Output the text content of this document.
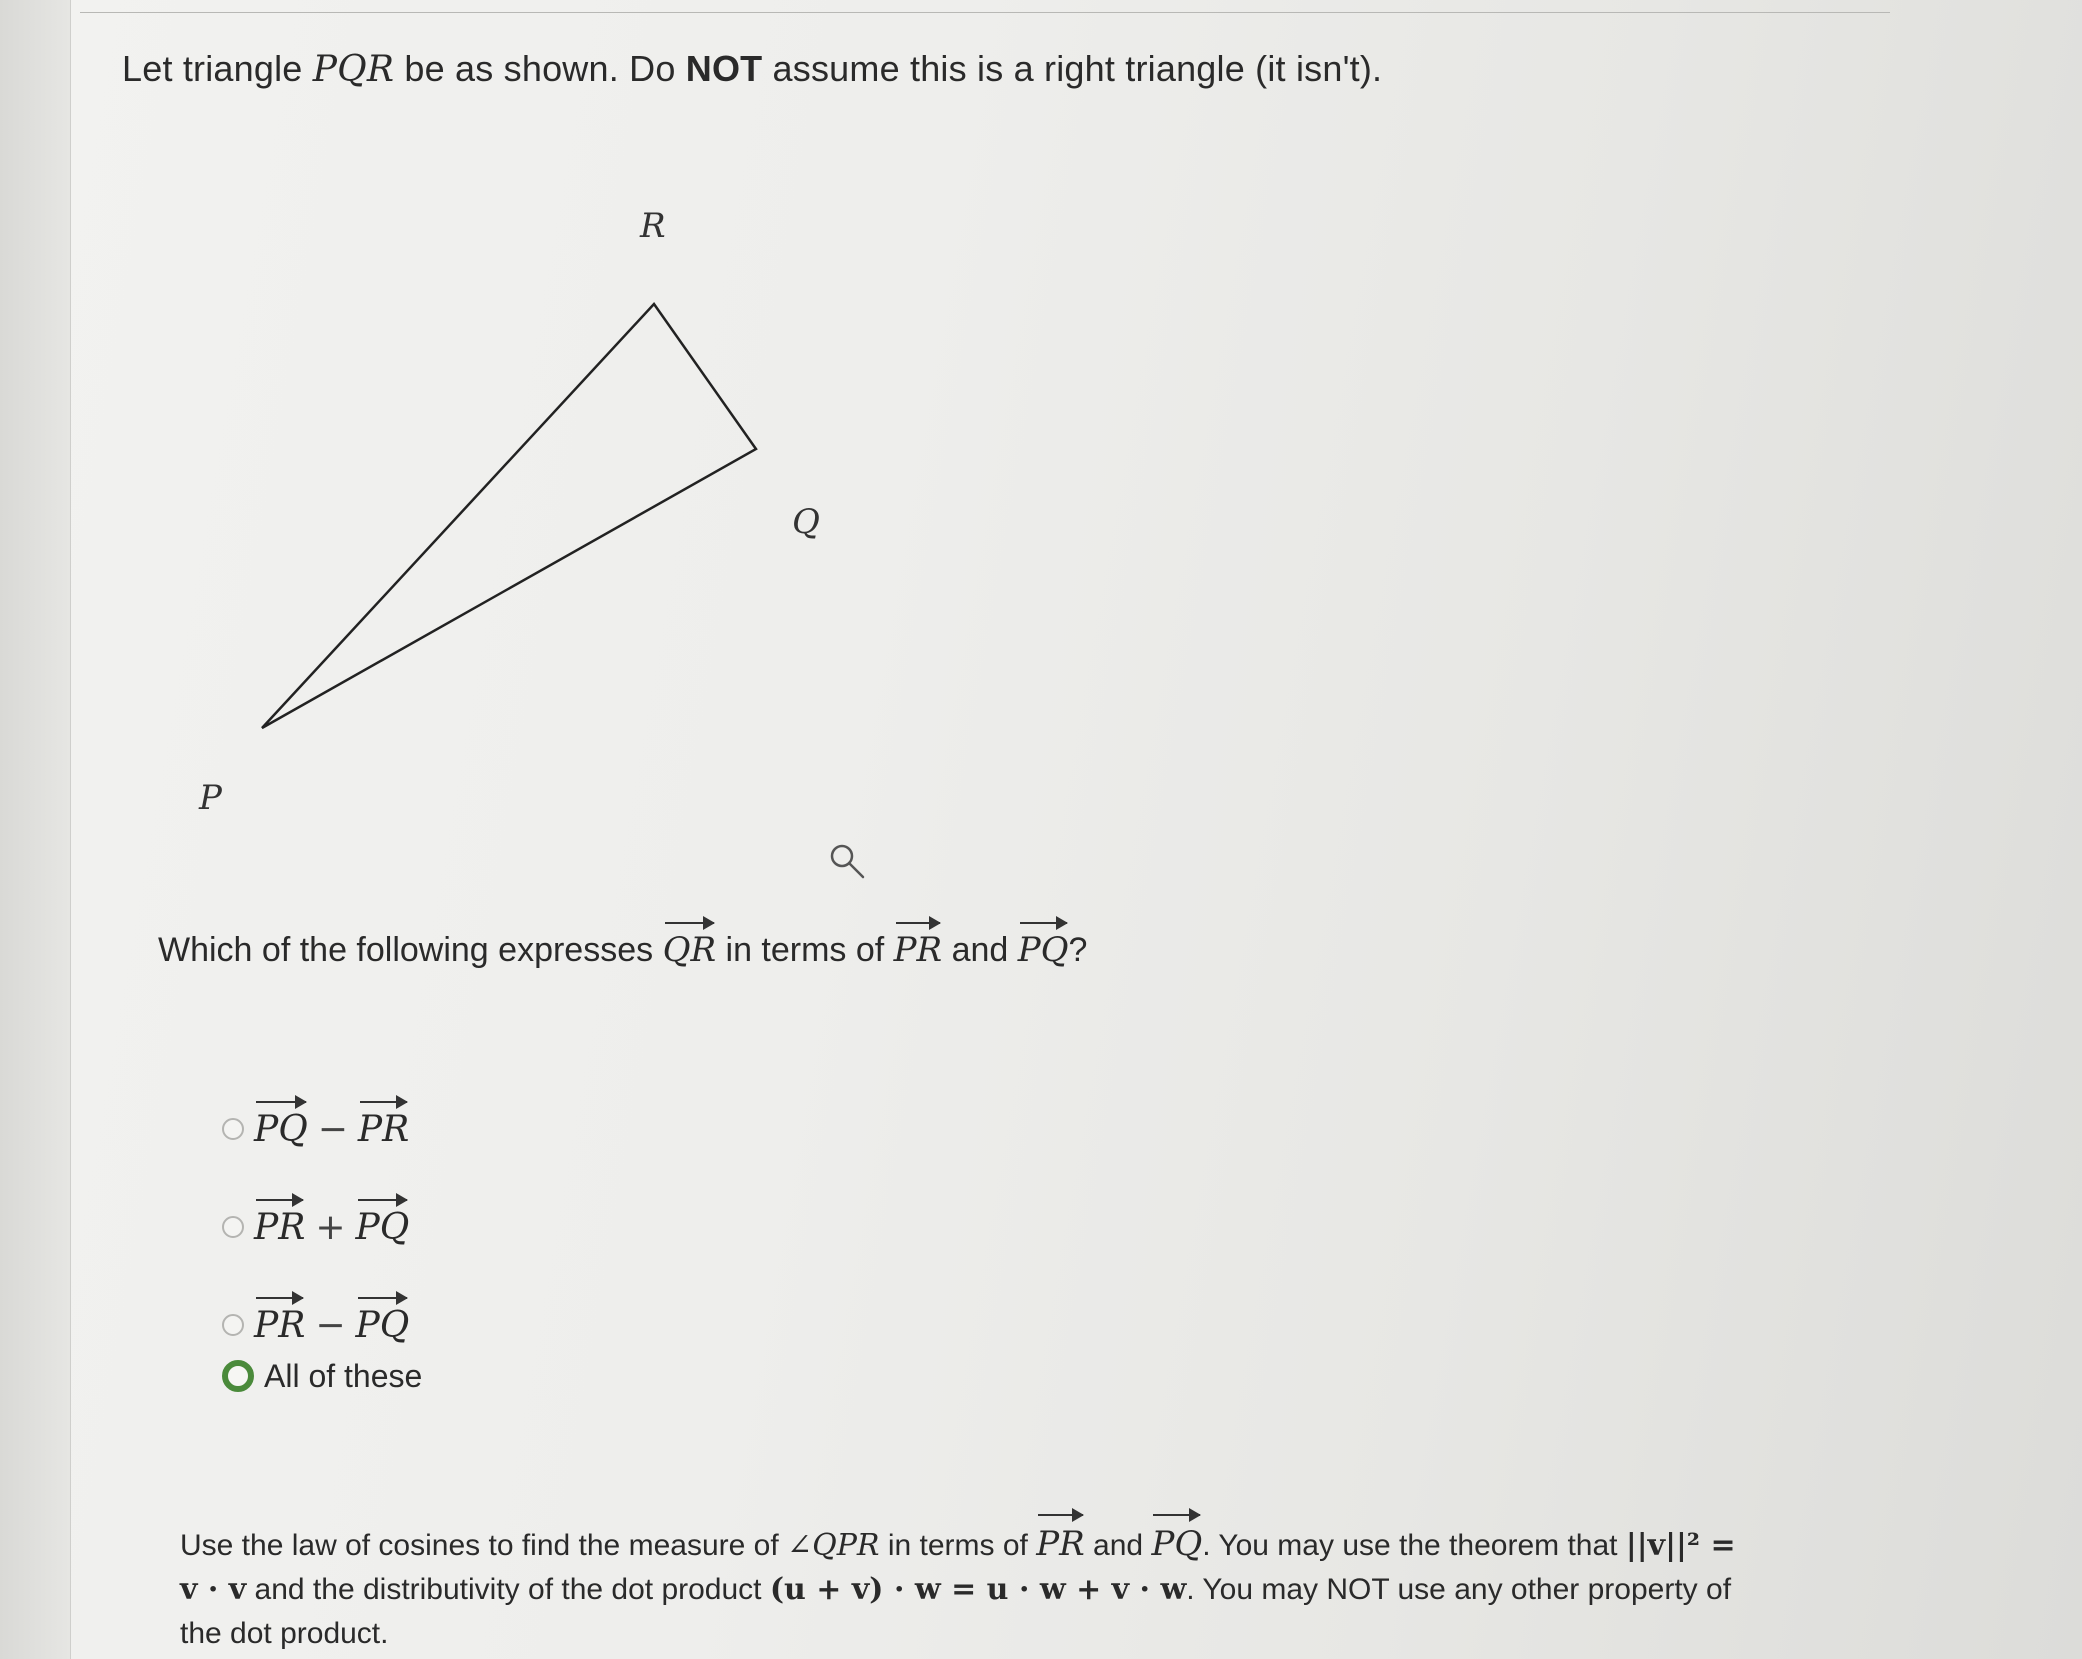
Let triangle PQR be as shown. Do NOT assume this is a right triangle (it isn't).
R
Q
P
Which of the following expresses QR in terms of PR and PQ?
PQ − PR
PR + PQ
PR − PQ
All of these
Use the law of cosines to find the measure of ∠QPR in terms of PR and PQ. You may use the theorem that ||v||² = v · v and the distributivity of the dot product (u + v) · w = u · w + v · w. You may NOT use any other property of the dot product.
